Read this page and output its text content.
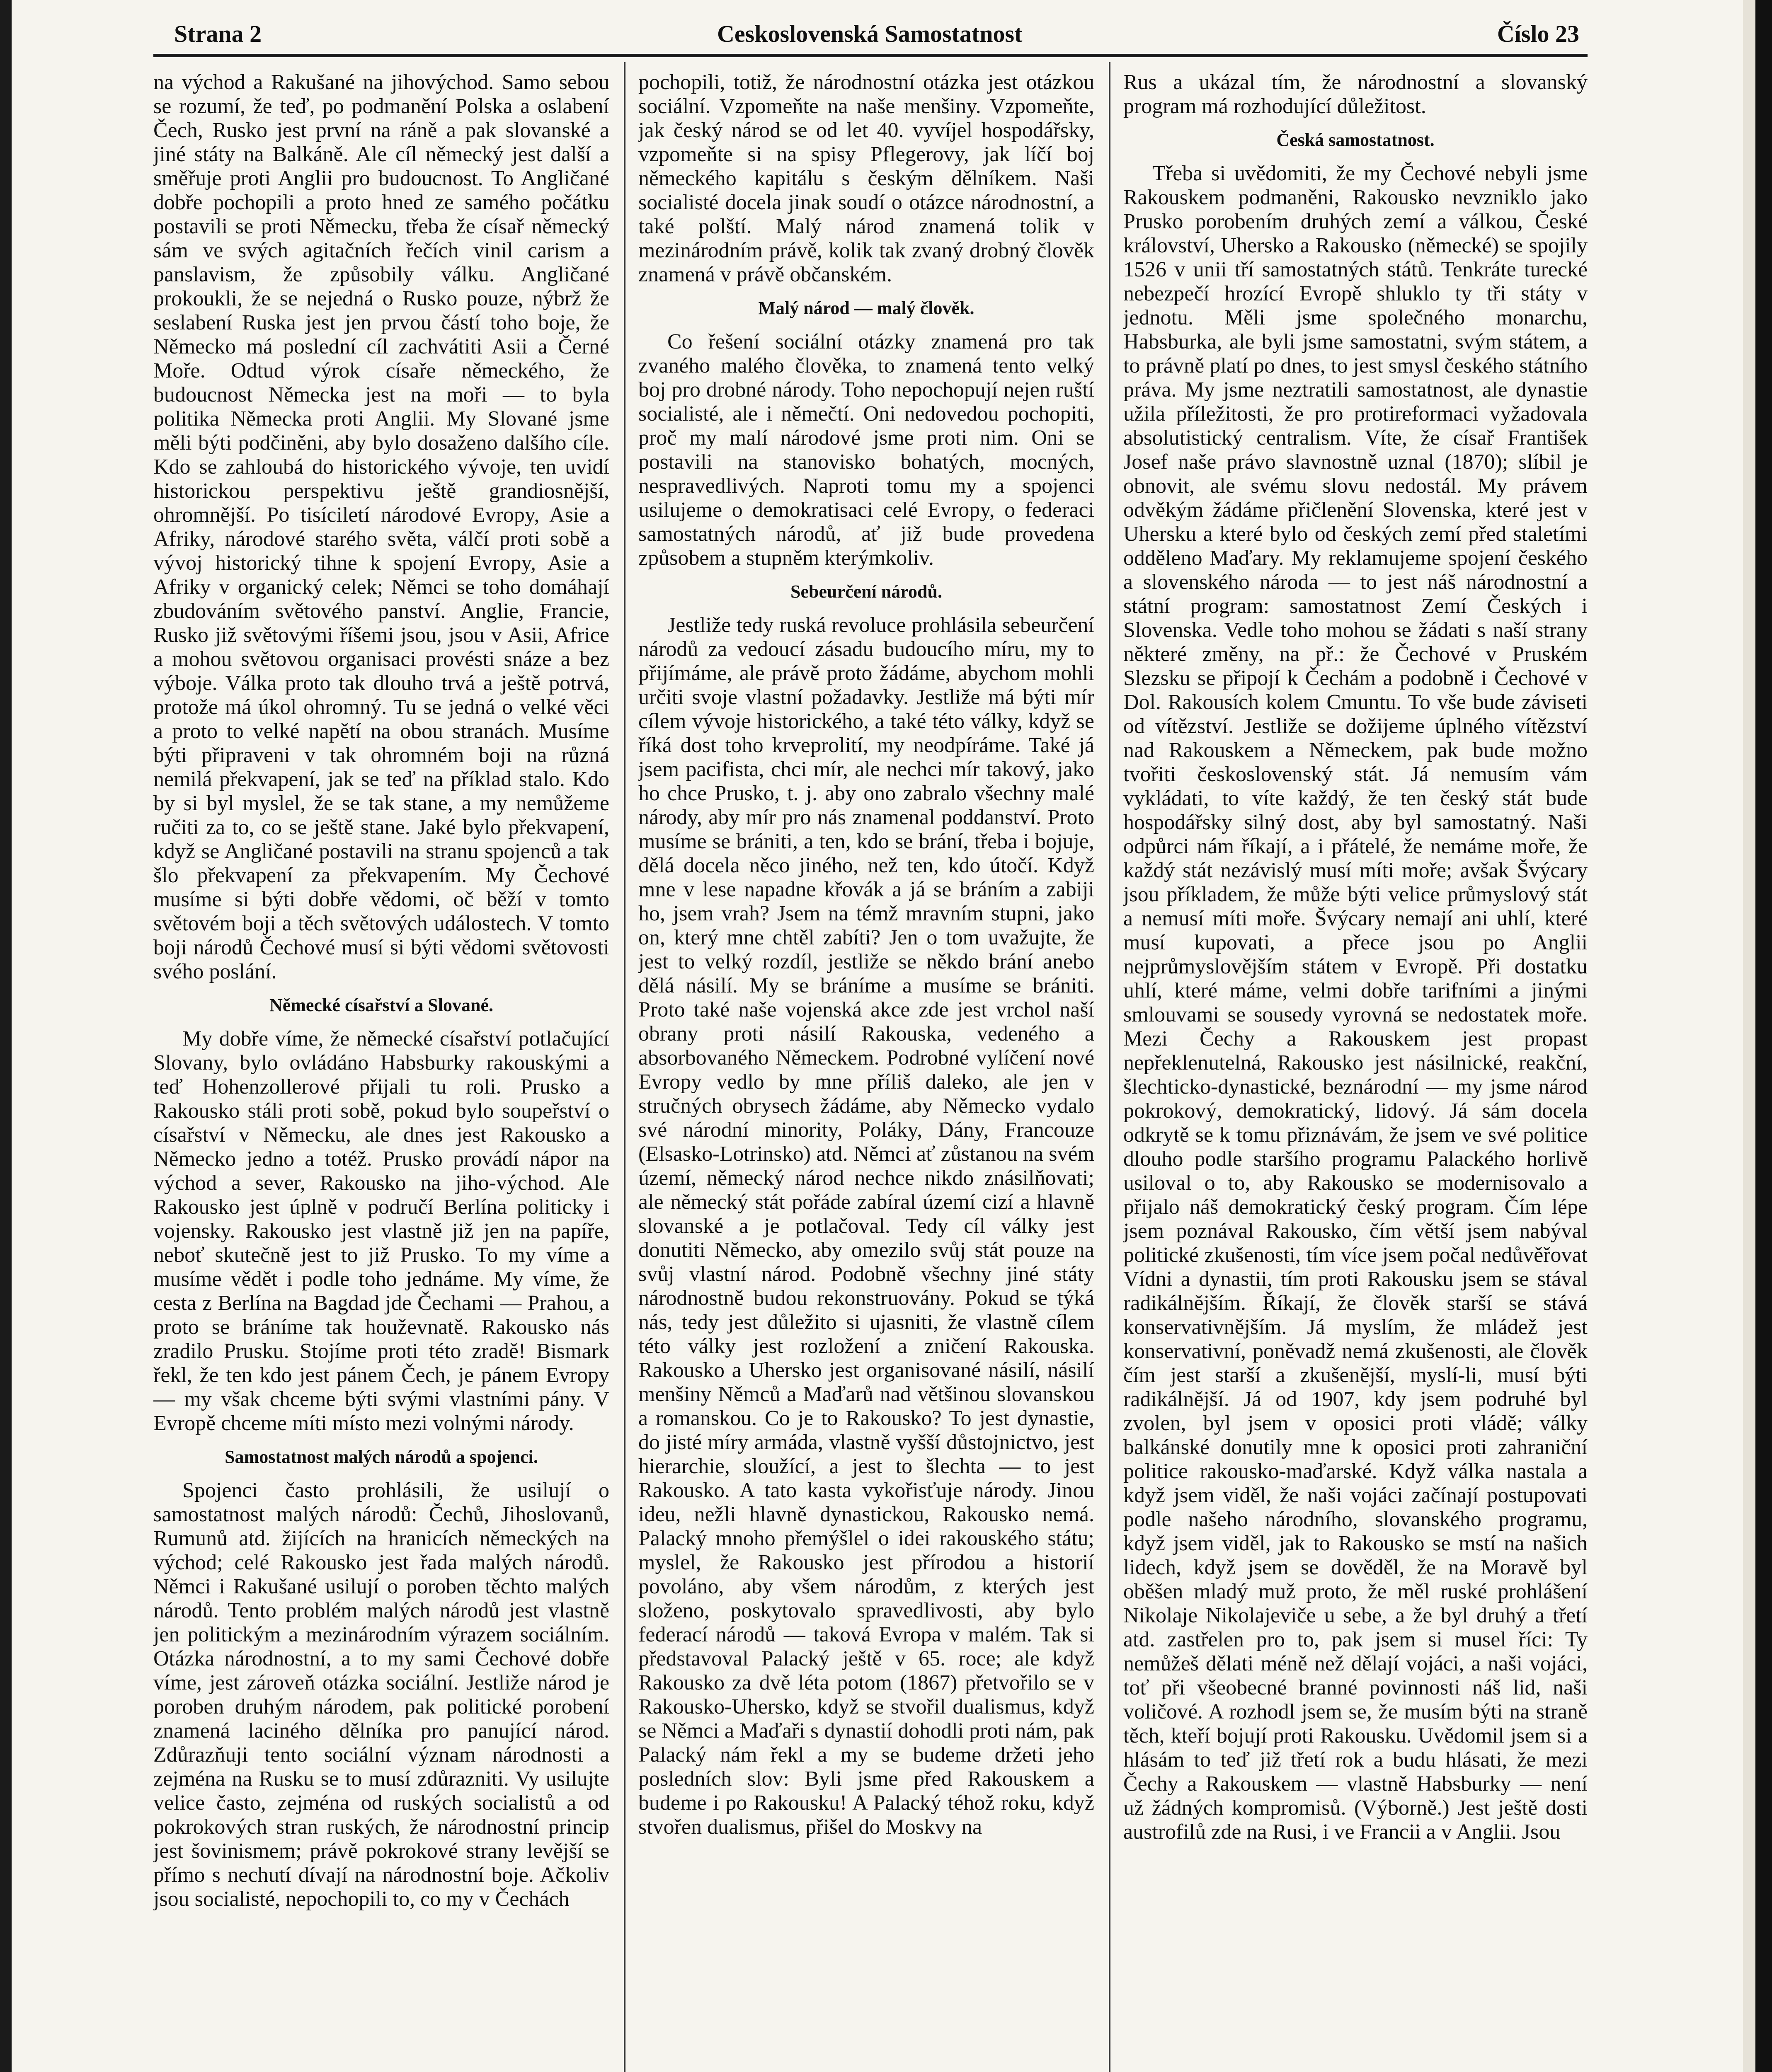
Strana 2	Ceskoslovenská Samostatnost	Číslo 23

na východ a Rakušané na jihovýchod. Samo sebou se rozumí, že teď, po podmanění Polska a oslabení Čech, Rusko jest první na ráně a pak slovanské a jiné státy na Balkáně. Ale cíl německý jest další a směřuje proti Anglii pro budoucnost. To Angličané dobře pochopili a proto hned ze samého počátku postavili se proti Německu, třeba že císař německý sám ve svých agitačních řečích vinil carism a panslavism, že způsobily válku. Angličané prokoukli, že se nejedná o Rusko pouze, nýbrž že seslabení Ruska jest jen prvou částí toho boje, že Německo má poslední cíl zachvátiti Asii a Černé Moře. Odtud výrok císaře německého, že budoucnost Německa jest na moři — to byla politika Německa proti Anglii. My Slované jsme měli býti podčiněni, aby bylo dosaženo dalšího cíle. Kdo se zahloubá do historického vývoje, ten uvidí historickou perspektivu ještě grandiosnější, ohromnější. Po tisíciletí národové Evropy, Asie a Afriky, národové starého světa, válčí proti sobě a vývoj historický tihne k spojení Evropy, Asie a Afriky v organický celek; Němci se toho domáhají zbudováním světového panství. Anglie, Francie, Rusko již světovými říšemi jsou, jsou v Asii, Africe a mohou světovou organisaci provésti snáze a bez výboje. Válka proto tak dlouho trvá a ještě potrvá, protože má úkol ohromný. Tu se jedná o velké věci a proto to velké napětí na obou stranách. Musíme býti připraveni v tak ohromném boji na různá nemilá překvapení, jak se teď na příklad stalo. Kdo by si byl myslel, že se tak stane, a my nemůžeme ručiti za to, co se ještě stane. Jaké bylo překvapení, když se Angličané postavili na stranu spojenců a tak šlo překvapení za překvapením. My Čechové musíme si býti dobře vědomi, oč běží v tomto světovém boji a těch světových událostech. V tomto boji národů Čechové musí si býti vědomi světovosti svého poslání.

Německé císařství a Slované.

My dobře víme, že německé císařství potlačující Slovany, bylo ovládáno Habsburky rakouskými a teď Hohenzollerové přijali tu roli. Prusko a Rakousko stáli proti sobě, pokud bylo soupeřství o císařství v Německu, ale dnes jest Rakousko a Německo jedno a totéž. Prusko provádí nápor na východ a sever, Rakousko na jiho-východ. Ale Rakousko jest úplně v područí Berlína politicky i vojensky. Rakousko jest vlastně již jen na papíře, neboť skutečně jest to již Prusko. To my víme a musíme vědět i podle toho jednáme. My víme, že cesta z Berlína na Bagdad jde Čechami — Prahou, a proto se bráníme tak houževnatě. Rakousko nás zradilo Prusku. Stojíme proti této zradě! Bismark řekl, že ten kdo jest pánem Čech, je pánem Evropy — my však chceme býti svými vlastními pány. V Evropě chceme míti místo mezi volnými národy.

Samostatnost malých národů a spojenci.

Spojenci často prohlásili, že usilují o samostatnost malých národů: Čechů, Jihoslovanů, Rumunů atd. žijících na hranicích německých na východ; celé Rakousko jest řada malých národů. Němci i Rakušané usilují o poroben těchto malých národů. Tento problém malých národů jest vlastně jen politickým a mezinárodním výrazem sociálním. Otázka národnostní, a to my sami Čechové dobře víme, jest zároveň otázka sociální. Jestliže národ je poroben druhým národem, pak politické porobení znamená laciného dělníka pro panující národ. Zdůrazňuji tento sociální význam národnosti a zejména na Rusku se to musí zdůrazniti. Vy usilujte velice často, zejména od ruských socialistů a od pokrokových stran ruských, že národnostní princip jest šovinismem; právě pokrokové strany levější se přímo s nechutí dívají na národnostní boje. Ačkoliv jsou socialisté, nepochopili to, co my v Čechách

pochopili, totiž, že národnostní otázka jest otázkou sociální. Vzpomeňte na naše menšiny. Vzpomeňte, jak český národ se od let 40. vyvíjel hospodářsky, vzpomeňte si na spisy Pflegerovy, jak líčí boj německého kapitálu s českým dělníkem. Naši socialisté docela jinak soudí o otázce národnostní, a také polští. Malý národ znamená tolik v mezinárodním právě, kolik tak zvaný drobný člověk znamená v právě občanském.

Malý národ — malý člověk.

Co řešení sociální otázky znamená pro tak zvaného malého člověka, to znamená tento velký boj pro drobné národy. Toho nepochopují nejen ruští socialisté, ale i němečtí. Oni nedovedou pochopiti, proč my malí národové jsme proti nim. Oni se postavili na stanovisko bohatých, mocných, nespravedlivých. Naproti tomu my a spojenci usilujeme o demokratisaci celé Evropy, o federaci samostatných národů, ať již bude provedena způsobem a stupněm kterýmkoliv.

Sebeurčení národů.

Jestliže tedy ruská revoluce prohlásila sebeurčení národů za vedoucí zásadu budoucího míru, my to přijímáme, ale právě proto žádáme, abychom mohli určiti svoje vlastní požadavky. Jestliže má býti mír cílem vývoje historického, a také této války, když se říká dost toho krveprolití, my neodpíráme. Také já jsem pacifista, chci mír, ale nechci mír takový, jako ho chce Prusko, t. j. aby ono zabralo všechny malé národy, aby mír pro nás znamenal poddanství. Proto musíme se brániti, a ten, kdo se brání, třeba i bojuje, dělá docela něco jiného, než ten, kdo útočí. Když mne v lese napadne křovák a já se bráním a zabiji ho, jsem vrah? Jsem na témž mravním stupni, jako on, který mne chtěl zabíti? Jen o tom uvažujte, že jest to velký rozdíl, jestliže se někdo brání anebo dělá násilí. My se bráníme a musíme se brániti. Proto také naše vojenská akce zde jest vrchol naší obrany proti násilí Rakouska, vedeného a absorbovaného Německem. Podrobné vylíčení nové Evropy vedlo by mne příliš daleko, ale jen v stručných obrysech žádáme, aby Německo vydalo své národní minority, Poláky, Dány, Francouze (Elsasko-Lotrinsko) atd. Němci ať zůstanou na svém území, německý národ nechce nikdo znásilňovati; ale německý stát pořáde zabíral území cizí a hlavně slovanské a je potlačoval. Tedy cíl války jest donutiti Německo, aby omezilo svůj stát pouze na svůj vlastní národ. Podobně všechny jiné státy národnostně budou rekonstruovány. Pokud se týká nás, tedy jest důležito si ujasniti, že vlastně cílem této války jest rozložení a zničení Rakouska. Rakousko a Uhersko jest organisované násilí, násilí menšiny Němců a Maďarů nad většinou slovanskou a romanskou. Co je to Rakousko? To jest dynastie, do jisté míry armáda, vlastně vyšší důstojnictvo, jest hierarchie, sloužící, a jest to šlechta — to jest Rakousko. A tato kasta vykořisťuje národy. Jinou ideu, nežli hlavně dynastickou, Rakousko nemá. Palacký mnoho přemýšlel o idei rakouského státu; myslel, že Rakousko jest přírodou a historií povoláno, aby všem národům, z kterých jest složeno, poskytovalo spravedlivosti, aby bylo federací národů — taková Evropa v malém. Tak si představoval Palacký ještě v 65. roce; ale když Rakousko za dvě léta potom (1867) přetvořilo se v Rakousko-Uhersko, když se stvořil dualismus, když se Němci a Maďaři s dynastií dohodli proti nám, pak Palacký nám řekl a my se budeme držeti jeho posledních slov: Byli jsme před Rakouskem a budeme i po Rakousku! A Palacký téhož roku, když stvořen dualismus, přišel do Moskvy na

Rus a ukázal tím, že národnostní a slovanský program má rozhodující důležitost.

Česká samostatnost.

Třeba si uvědomiti, že my Čechové nebyli jsme Rakouskem podmaněni, Rakousko nevzniklo jako Prusko porobením druhých zemí a válkou, České království, Uhersko a Rakousko (německé) se spojily 1526 v unii tří samostatných států. Tenkráte turecké nebezpečí hrozící Evropě shluklo ty tři státy v jednotu. Měli jsme společného monarchu, Habsburka, ale byli jsme samostatni, svým státem, a to právně platí po dnes, to jest smysl českého státního práva. My jsme neztratili samostatnost, ale dynastie užila příležitosti, že pro protireformaci vyžadovala absolutistický centralism. Víte, že císař František Josef naše právo slavnostně uznal (1870); slíbil je obnovit, ale svému slovu nedostál. My právem odvěkým žádáme přičlenění Slovenska, které jest v Uhersku a které bylo od českých zemí před staletími odděleno Maďary. My reklamujeme spojení českého a slovenského národa — to jest náš národnostní a státní program: samostatnost Zemí Českých i Slovenska. Vedle toho mohou se žádati s naší strany některé změny, na př.: že Čechové v Pruském Slezsku se připojí k Čechám a podobně i Čechové v Dol. Rakousích kolem Cmuntu. To vše bude záviseti od vítězství. Jestliže se dožijeme úplného vítězství nad Rakouskem a Německem, pak bude možno tvořiti československý stát. Já nemusím vám vykládati, to víte každý, že ten český stát bude hospodářsky silný dost, aby byl samostatný. Naši odpůrci nám říkají, a i přátelé, že nemáme moře, že každý stát nezávislý musí míti moře; avšak Švýcary jsou příkladem, že může býti velice průmyslový stát a nemusí míti moře. Švýcary nemají ani uhlí, které musí kupovati, a přece jsou po Anglii nejprůmyslovějším státem v Evropě. Při dostatku uhlí, které máme, velmi dobře tarifními a jinými smlouvami se sousedy vyrovná se nedostatek moře. Mezi Čechy a Rakouskem jest propast nepřeklenutelná, Rakousko jest násilnické, reakční, šlechticko-dynastické, beznárodní — my jsme národ pokrokový, demokratický, lidový. Já sám docela odkrytě se k tomu přiznávám, že jsem ve své politice dlouho podle staršího programu Palackého horlivě usiloval o to, aby Rakousko se modernisovalo a přijalo náš demokratický český program. Čím lépe jsem poznával Rakousko, čím větší jsem nabýval politické zkušenosti, tím více jsem počal nedůvěřovat Vídni a dynastii, tím proti Rakousku jsem se stával radikálnějším. Říkají, že člověk starší se stává konservativnějším. Já myslím, že mládež jest konservativní, poněvadž nemá zkušenosti, ale člověk čím jest starší a zkušenější, myslí-li, musí býti radikálnější. Já od 1907, kdy jsem podruhé byl zvolen, byl jsem v oposici proti vládě; války balkánské donutily mne k oposici proti zahraniční politice rakousko-maďarské. Když válka nastala a když jsem viděl, že naši vojáci začínají postupovati podle našeho národního, slovanského programu, když jsem viděl, jak to Rakousko se mstí na našich lidech, když jsem se dověděl, že na Moravě byl oběšen mladý muž proto, že měl ruské prohlášení Nikolaje Nikolajeviče u sebe, a že byl druhý a třetí atd. zastřelen pro to, pak jsem si musel říci: Ty nemůžeš dělati méně než dělají vojáci, a naši vojáci, toť při všeobecné branné povinnosti náš lid, naši voličové. A rozhodl jsem se, že musím býti na straně těch, kteří bojují proti Rakousku. Uvědomil jsem si a hlásám to teď již třetí rok a budu hlásati, že mezi Čechy a Rakouskem — vlastně Habsburky — není už žádných kompromisů. (Výborně.) Jest ještě dosti austrofilů zde na Rusi, i ve Francii a v Anglii. Jsou
